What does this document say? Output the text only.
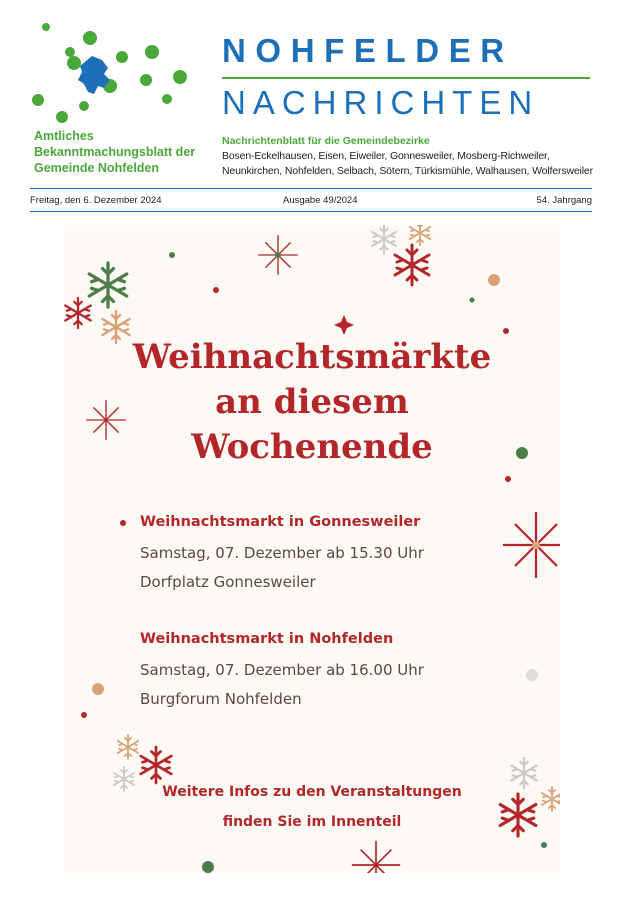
Amtliches
Bekanntmachungsblatt der
Gemeinde Nohfelden
NOHFELDER
NACHRICHTEN
Nachrichtenblatt für die Gemeindebezirke
Bosen-Eckelhausen, Eisen, Eiweiler, Gonnesweiler, Mosberg-Richweiler,
Neunkirchen, Nohfelden, Selbach, Sötern, Türkismühle, Walhausen, Wolfersweiler
Freitag, den 6. Dezember 2024	Ausgabe 49/2024	54. Jahrgang
Weihnachtsmärkte
an diesem
Wochenende
Weihnachtsmarkt in Gonnesweiler
Samstag, 07. Dezember ab 15.30 Uhr
Dorfplatz Gonnesweiler
Weihnachtsmarkt in Nohfelden
Samstag, 07. Dezember ab 16.00 Uhr
Burgforum Nohfelden
Weitere Infos zu den Veranstaltungen
finden Sie im Innenteil
